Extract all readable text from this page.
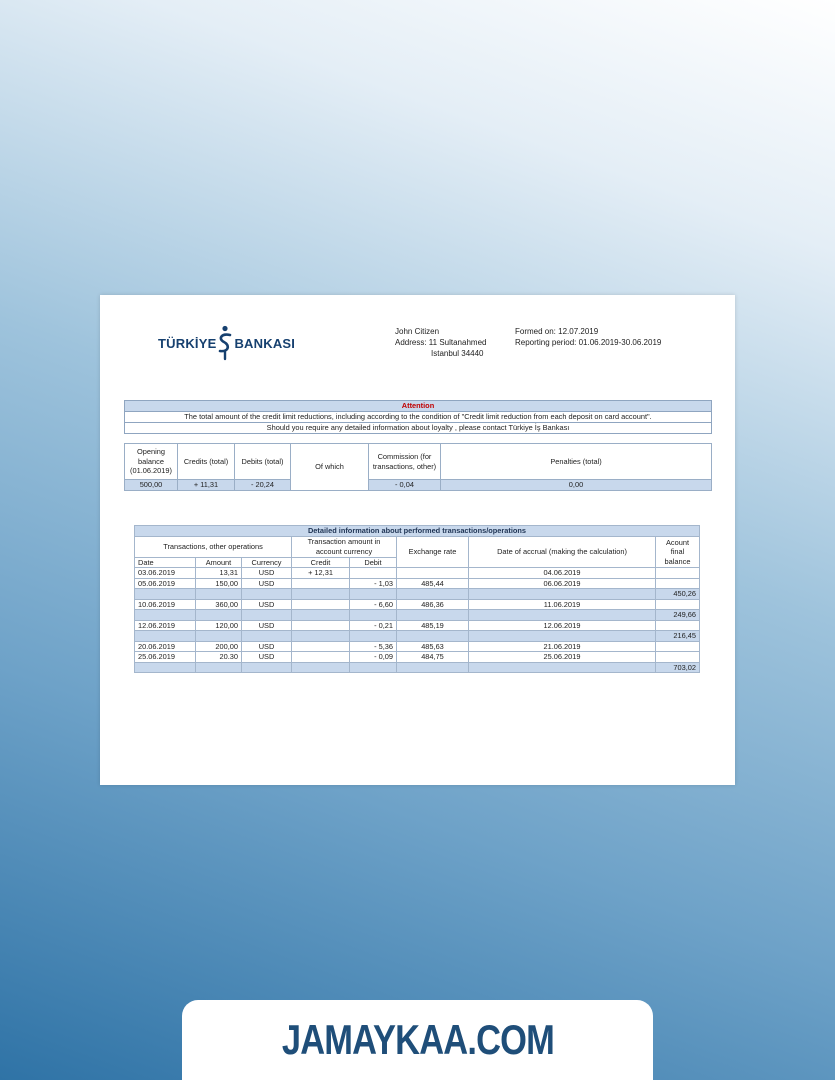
TÜRKİYE BANKASI
John Citizen
Address: 11 Sultanahmed
Istanbul 34440
Formed on: 12.07.2019
Reporting period: 01.06.2019-30.06.2019
Attention
The total amount of the credit limit reductions, including according to the condition of "Credit limit reduction from each deposit on card account".
Should you require any detailed information about loyalty , please contact Türkiye İş Bankası
Opening balance (01.06.2019)	Credits (total)	Debits (total)	Of which	Commission (for transactions, other)	Penalties (total)
500,00	+ 11,31	- 20,24		- 0,04	0,00
Detailed information about performed transactions/operations							
Transactions, other operations			Transaction amount in account currency		Exchange rate	Date of accrual (making the calculation)	Acount final balance
Date	Amount	Currency	Credit	Debit			
03.06.2019	13,31	USD	+ 12,31			04.06.2019	
05.06.2019	150,00	USD		- 1,03	485,44	06.06.2019	
							450,26
10.06.2019	360,00	USD		- 6,60	486,36	11.06.2019	
							249,66
12.06.2019	120,00	USD		- 0,21	485,19	12.06.2019	
							216,45
20.06.2019	200,00	USD		- 5,36	485,63	21.06.2019	
25.06.2019	20.30	USD		- 0,09	484,75	25.06.2019	
							703,02
JAMAYKAA.COM
